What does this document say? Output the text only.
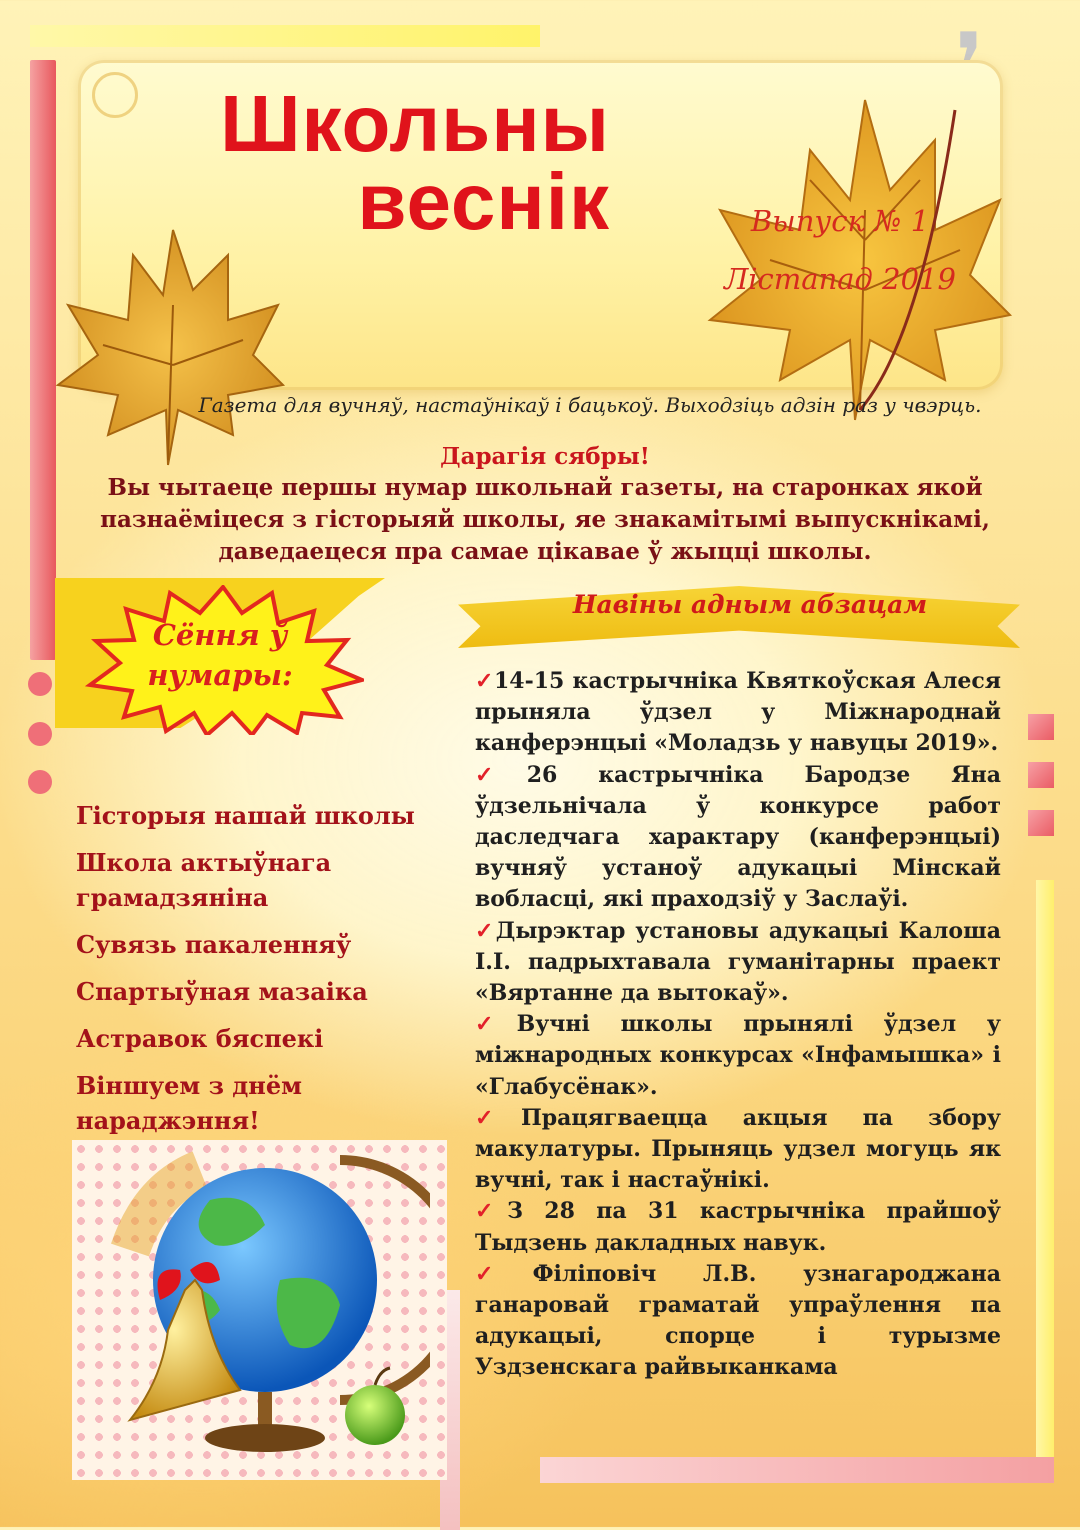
Школьны
веснік	Выпуск № 1
Лістапад 2019
Газета для вучняў, настаўнікаў і бацькоў. Выходзіць адзін раз у чвэрць.
Дарагія сябры!
Вы чытаеце першы нумар школьнай газеты, на старонках якой пазнаёміцеся з гісторыяй школы, яе знакамітымі выпускнікамі, даведаецеся пра самае цікавае ў жыцці школы.
Сёння ў
нумары:
Гісторыя нашай школы
Школа актыўнага грамадзяніна
Сувязь пакаленняў
Спартыўная мазаіка
Астравок бяспекі
Віншуем з днём нараджэння!
Навіны адным абзацам

✓14-15 кастрычніка Квяткоўская Алеся прыняла ўдзел у Міжнароднай канферэнцыі «Моладзь у навуцы 2019».

✓26 кастрычніка Бародзе Яна ўдзельнічала ў конкурсе работ даследчага характару (канферэнцыі) вучняў устаноў адукацыі Мінскай вобласці, які праходзіў у Заслаўі.

✓Дырэктар установы адукацыі Калоша І.І. падрыхтавала гуманітарны праект «Вяртанне да вытокаў».

✓Вучні школы прынялі ўдзел у міжнародных конкурсах «Інфамышка» і «Глабусёнак».

✓Працягваецца акцыя па збору макулатуры. Прыняць удзел могуць як вучні, так і настаўнікі.

✓З 28 па 31 кастрычніка прайшоў Тыдзень дакладных навук.

✓Філіповіч Л.В. узнагароджана ганаровай граматай упраўлення па адукацыі, спорце і турызме Уздзенскага райвыканкама
